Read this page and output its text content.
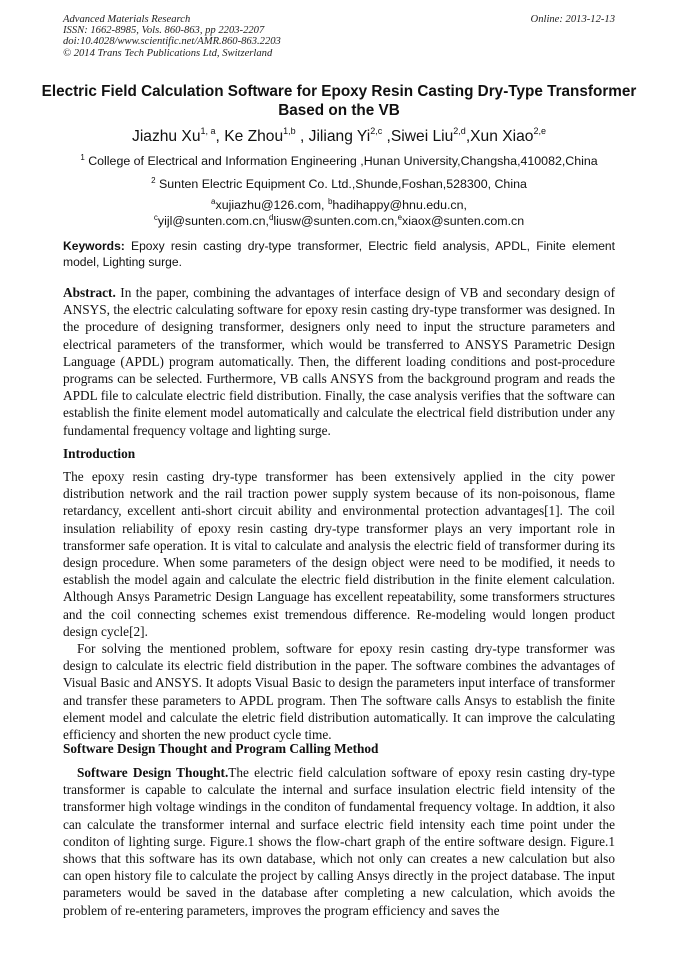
Advanced Materials Research
ISSN: 1662-8985, Vols. 860-863, pp 2203-2207
doi:10.4028/www.scientific.net/AMR.860-863.2203
© 2014 Trans Tech Publications Ltd, Switzerland
Online: 2013-12-13
Electric Field Calculation Software for Epoxy Resin Casting Dry-Type Transformer Based on the VB
Jiazhu Xu$^{1, a}$, Ke Zhou$^{1,b}$ , Jiliang Yi$^{2,c}$ ,Siwei Liu$^{2,d}$,Xun Xiao$^{2,e}$
$^1$ College of Electrical and Information Engineering ,Hunan University,Changsha,410082,China
$^2$ Sunten Electric Equipment Co. Ltd.,Shunde,Foshan,528300, China
$^a$xujiazhu@126.com, $^b$hadihappy@hnu.edu.cn,
$^c$yijl@sunten.com.cn,$^d$liusw@sunten.com.cn,$^e$xiaox@sunten.com.cn
Keywords: Epoxy resin casting dry-type transformer, Electric field analysis, APDL, Finite element model, Lighting surge.
Abstract. In the paper, combining the advantages of interface design of VB and secondary design of ANSYS, the electric calculating software for epoxy resin casting dry-type transformer was designed. In the procedure of designing transformer, designers only need to input the structure parameters and electrical parameters of the transformer, which would be transferred to ANSYS Parametric Design Language (APDL) program automatically. Then, the different loading conditions and post-procedure programs can be selected. Furthermore, VB calls ANSYS from the background program and reads the APDL file to calculate electric field distribution. Finally, the case analysis verifies that the software can establish the finite element model automatically and calculate the electrical field distribution under any fundamental frequency voltage and lighting surge.
Introduction

The epoxy resin casting dry-type transformer has been extensively applied in the city power distribution network and the rail traction power supply system because of its non-poisonous, flame retardancy, excellent anti-short circuit ability and environmental protection advantages[1]. The coil insulation reliability of epoxy resin casting dry-type transformer plays an very important role in transformer safe operation. It is vital to calculate and analysis the electric field of transformer during its design procedure. When some parameters of the design object were need to be modified, it needs to establish the model again and calculate the electric field distribution in the finite element calculation. Although Ansys Parametric Design Language has excellent repeatability, some transformers structures and the coil connecting schemes exist tremendous difference. Re-modeling would longen product design cycle[2].

For solving the mentioned problem, software for epoxy resin casting dry-type transformer was design to calculate its electric field distribution in the paper. The software combines the advantages of Visual Basic and ANSYS. It adopts Visual Basic to design the parameters input interface of transformer and transfer these parameters to APDL program. Then The software calls Ansys to establish the finite element model and calculate the eletric field distribution automatically. It can improve the calculating efficiency and shorten the new product cycle time.

Software Design Thought and Program Calling Method

Software Design Thought.The electric field calculation software of epoxy resin casting dry-type transformer is capable to calculate the internal and surface insulation electric field intensity of the transformer high voltage windings in the conditon of fundamental frequency voltage. In addtion, it also can calculate the transformer internal and surface electric field intensity each time point under the conditon of lighting surge. Figure.1 shows the flow-chart graph of the entire software design. Figure.1 shows that this software has its own database, which not only can creates a new calculation but also can open history file to calculate the project by calling Ansys directly in the project database. The input parameters would be saved in the database after completing a new calculation, which avoids the problem of re-entering parameters, improves the program efficiency and saves the
